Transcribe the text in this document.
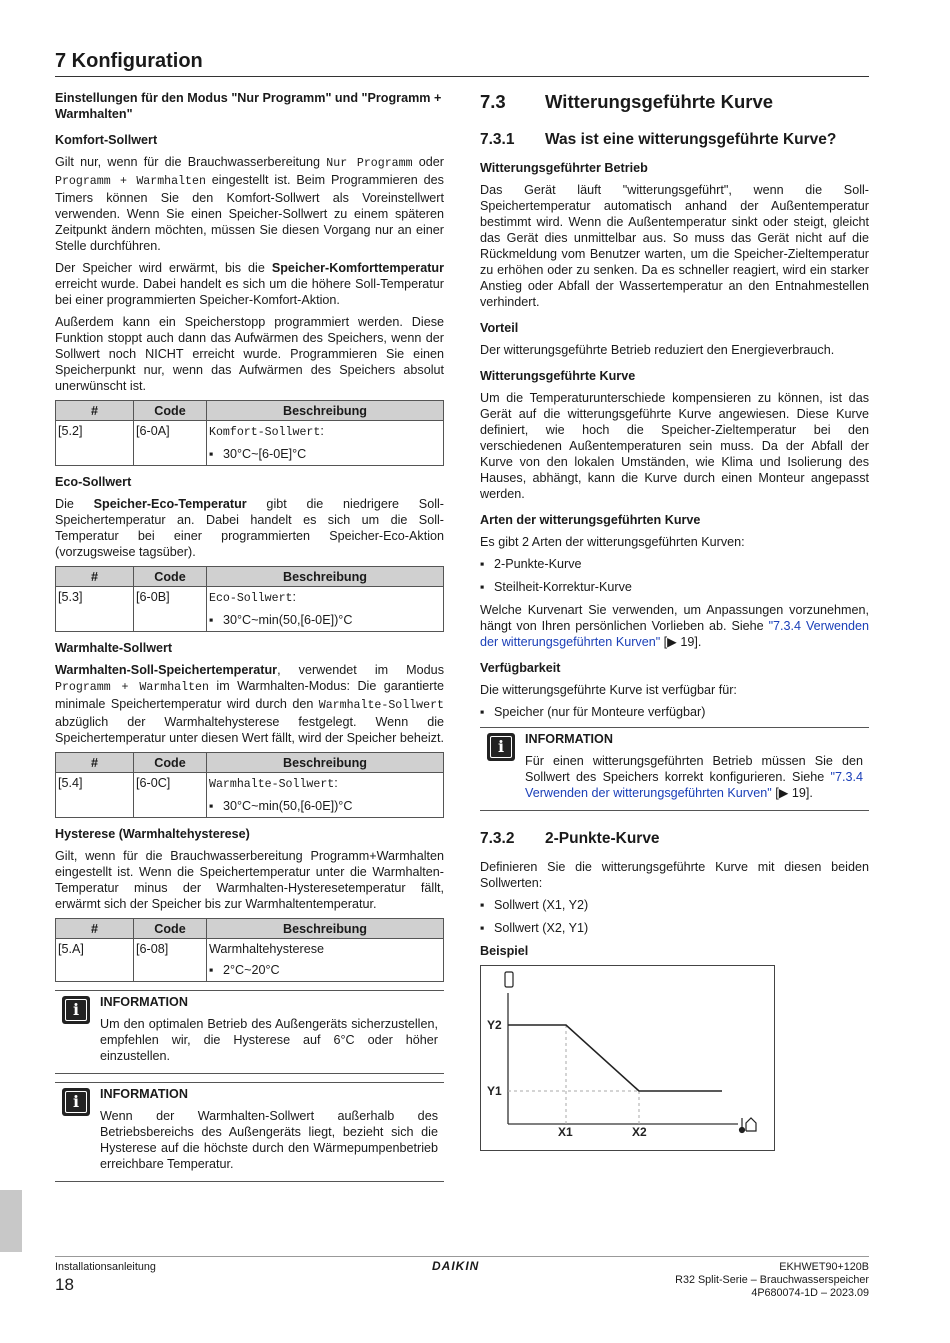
7 Konfiguration
Einstellungen für den Modus "Nur Programm" und "Programm + Warmhalten"
Komfort-Sollwert

Gilt nur, wenn für die Brauchwasserbereitung Nur Programm oder Programm + Warmhalten eingestellt ist. Beim Programmieren des Timers können Sie den Komfort-Sollwert als Voreinstellwert verwenden. Wenn Sie einen Speicher-Sollwert zu einem späteren Zeitpunkt ändern möchten, müssen Sie diesen Vorgang nur an einer Stelle durchführen.

Der Speicher wird erwärmt, bis die Speicher-Komforttemperatur erreicht wurde. Dabei handelt es sich um die höhere Soll-Temperatur bei einer programmierten Speicher-Komfort-Aktion.

Außerdem kann ein Speicherstopp programmiert werden. Diese Funktion stoppt auch dann das Aufwärmen des Speichers, wenn der Sollwert noch NICHT erreicht wurde. Programmieren Sie einen Speicherpunkt nur, wenn das Aufwärmen des Speichers absolut unerwünscht ist.

#	Code	Beschreibung
[5.2]	[6-0A]	Komfort-Sollwert:

		▪ 30°C~[6-0E]°C
Eco-Sollwert

Die Speicher-Eco-Temperatur gibt die niedrigere Soll-Speichertemperatur an. Dabei handelt es sich um die Soll-Temperatur bei einer programmierten Speicher-Eco-Aktion (vorzugsweise tagsüber).

#	Code	Beschreibung
[5.3]	[6-0B]	Eco-Sollwert:

		▪ 30°C~min(50,[6-0E])°C
Warmhalte-Sollwert

Warmhalten-Soll-Speichertemperatur, verwendet im Modus Programm + Warmhalten im Warmhalten-Modus: Die garantierte minimale Speichertemperatur wird durch den Warmhalte-Sollwert abzüglich der Warmhaltehysterese festgelegt. Wenn die Speichertemperatur unter diesen Wert fällt, wird der Speicher beheizt.

#	Code	Beschreibung
[5.4]	[6-0C]	Warmhalte-Sollwert:

		▪ 30°C~min(50,[6-0E])°C
Hysterese (Warmhaltehysterese)

Gilt, wenn für die Brauchwasserbereitung Programm+Warmhalten eingestellt ist. Wenn die Speichertemperatur unter die Warmhalten-Temperatur minus der Warmhalten-Hysteresetemperatur fällt, erwärmt sich der Speicher bis zur Warmhaltentemperatur.

#	Code	Beschreibung
[5.A]	[6-08]	Warmhaltehysterese

		▪ 2°C~20°C
i	INFORMATION

Um den optimalen Betrieb des Außengeräts sicherzustellen, empfehlen wir, die Hysterese auf 6°C oder höher einzustellen.

i	INFORMATION

Wenn der Warmhalten-Sollwert außerhalb des Betriebsbereichs des Außengeräts liegt, bezieht sich die Hysterese auf die höchste durch den Wärmepumpenbetrieb erreichbare Temperatur.

7.3	Witterungsgeführte Kurve
7.3.1	Was ist eine witterungsgeführte Kurve?
Witterungsgeführter Betrieb

Das Gerät läuft "witterungsgeführt", wenn die Soll-Speichertemperatur automatisch anhand der Außentemperatur bestimmt wird. Wenn die Außentemperatur sinkt oder steigt, gleicht das Gerät dies unmittelbar aus. So muss das Gerät nicht auf die Rückmeldung vom Benutzer warten, um die Speicher-Zieltemperatur zu erhöhen oder zu senken. Da es schneller reagiert, wird ein starker Anstieg oder Abfall der Wassertemperatur an den Entnahmestellen verhindert.

Vorteil

Der witterungsgeführte Betrieb reduziert den Energieverbrauch.

Witterungsgeführte Kurve

Um die Temperaturunterschiede kompensieren zu können, ist das Gerät auf die witterungsgeführte Kurve angewiesen. Diese Kurve definiert, wie hoch die Speicher-Zieltemperatur bei den verschiedenen Außentemperaturen sein muss. Da der Abfall der Kurve von den lokalen Umständen, wie Klima und Isolierung des Hauses, abhängt, kann die Kurve durch einen Monteur angepasst werden.

Arten der witterungsgeführten Kurve

Es gibt 2 Arten der witterungsgeführten Kurven:

▪ 2-Punkte-Kurve
▪ Steilheit-Korrektur-Kurve

Welche Kurvenart Sie verwenden, um Anpassungen vorzunehmen, hängt von Ihren persönlichen Vorlieben ab. Siehe "7.3.4 Verwenden der witterungsgeführten Kurven" [▶ 19].

Verfügbarkeit

Die witterungsgeführte Kurve ist verfügbar für:

▪ Speicher (nur für Monteure verfügbar)
i	INFORMATION

Für einen witterungsgeführten Betrieb müssen Sie den Sollwert des Speichers korrekt konfigurieren. Siehe "7.3.4 Verwenden der witterungsgeführten Kurven" [▶ 19].

7.3.2	2-Punkte-Kurve

Definieren Sie die witterungsgeführte Kurve mit diesen beiden Sollwerten:

▪ Sollwert (X1, Y2)
▪ Sollwert (X2, Y1)
Beispiel
Y2
Y1
X1	X2
Installationsanleitung
18
DAIKIN	EKHWET90+120B
R32 Split-Serie – Brauchwasserspeicher
4P680074-1D – 2023.09
